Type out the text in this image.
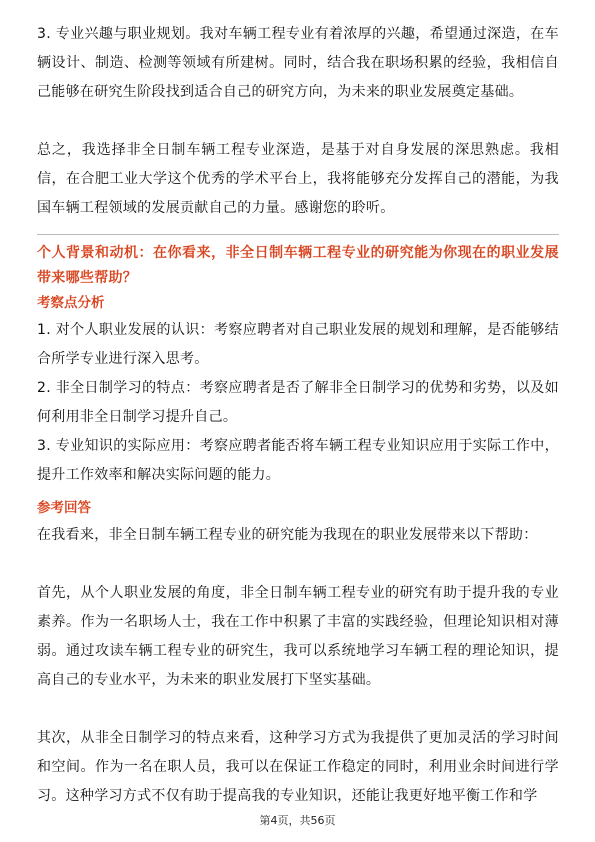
3. 专业兴趣与职业规划。我对车辆工程专业有着浓厚的兴趣，希望通过深造，在车辆设计、制造、检测等领域有所建树。同时，结合我在职场积累的经验，我相信自己能够在研究生阶段找到适合自己的研究方向，为未来的职业发展奠定基础。

总之，我选择非全日制车辆工程专业深造，是基于对自身发展的深思熟虑。我相信，在合肥工业大学这个优秀的学术平台上，我将能够充分发挥自己的潜能，为我国车辆工程领域的发展贡献自己的力量。感谢您的聆听。

个人背景和动机：在你看来，非全日制车辆工程专业的研究能为你现在的职业发展带来哪些帮助？

考察点分析

1. 对个人职业发展的认识：考察应聘者对自己职业发展的规划和理解，是否能够结合所学专业进行深入思考。

2. 非全日制学习的特点：考察应聘者是否了解非全日制学习的优势和劣势，以及如何利用非全日制学习提升自己。

3. 专业知识的实际应用：考察应聘者能否将车辆工程专业知识应用于实际工作中，提升工作效率和解决实际问题的能力。

参考回答

在我看来，非全日制车辆工程专业的研究能为我现在的职业发展带来以下帮助：

首先，从个人职业发展的角度，非全日制车辆工程专业的研究有助于提升我的专业素养。作为一名职场人士，我在工作中积累了丰富的实践经验，但理论知识相对薄弱。通过攻读车辆工程专业的研究生，我可以系统地学习车辆工程的理论知识，提高自己的专业水平，为未来的职业发展打下坚实基础。

其次，从非全日制学习的特点来看，这种学习方式为我提供了更加灵活的学习时间和空间。作为一名在职人员，我可以在保证工作稳定的同时，利用业余时间进行学习。这种学习方式不仅有助于提高我的专业知识，还能让我更好地平衡工作和学

第4页，共56页
